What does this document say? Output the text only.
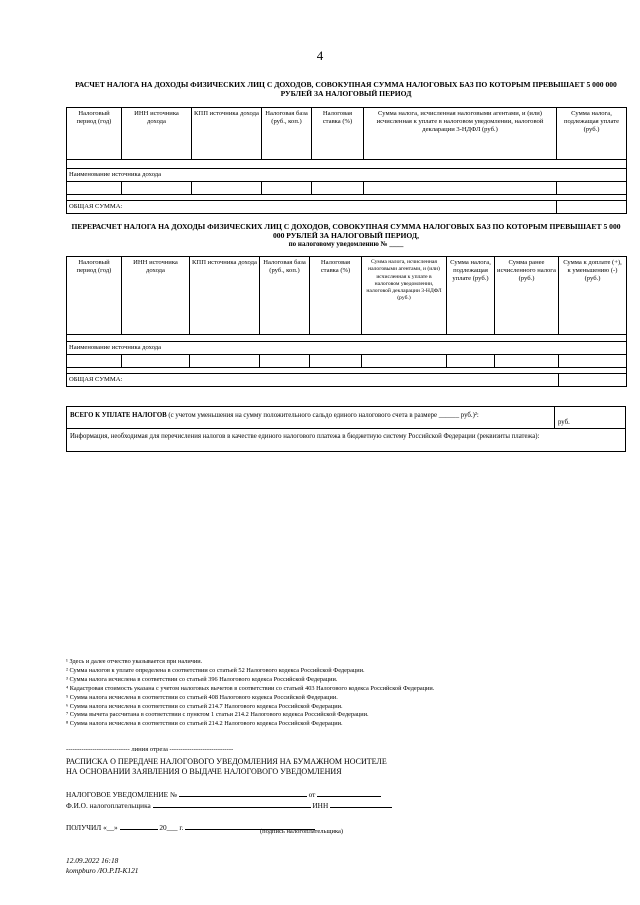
4
РАСЧЕТ НАЛОГА НА ДОХОДЫ ФИЗИЧЕСКИХ ЛИЦ С ДОХОДОВ, СОВОКУПНАЯ СУММА НАЛОГОВЫХ БАЗ ПО КОТОРЫМ ПРЕВЫШАЕТ 5 000 000 РУБЛЕЙ ЗА НАЛОГОВЫЙ ПЕРИОД
Налоговый период (год)	ИНН источника дохода	КПП источника дохода	Налоговая база (руб., коп.)	Налоговая ставка (%)	Сумма налога, исчисленная налоговыми агентами, и (или) исчисленная к уплате в налоговом уведомлении, налоговой декларации 3-НДФЛ (руб.)	Сумма налога, подлежащая уплате (руб.)

Наименование источника дохода						

ОБЩАЯ СУММА:						
ПЕРЕРАСЧЕТ НАЛОГА НА ДОХОДЫ ФИЗИЧЕСКИХ ЛИЦ С ДОХОДОВ, СОВОКУПНАЯ СУММА НАЛОГОВЫХ БАЗ ПО КОТОРЫМ ПРЕВЫШАЕТ 5 000 000 РУБЛЕЙ ЗА НАЛОГОВЫЙ ПЕРИОД,
по налоговому уведомлению № ____
Налоговый период (год)	ИНН источника дохода	КПП источника дохода	Налоговая база (руб., коп.)	Налоговая ставка (%)	Сумма налога, исчисленная налоговыми агентами, и (или) исчисленная к уплате в налоговом уведомлении, налоговой декларации 3-НДФЛ (руб.)	Сумма налога, подлежащая уплате (руб.)	Сумма ранее исчисленного налога (руб.)	Сумма к доплате (+), к уменьшению (-) (руб.)

Наименование источника дохода								

ОБЩАЯ СУММА:								
ВСЕГО К УПЛАТЕ НАЛОГОВ (с учетом уменьшения на сумму положительного сальдо единого налогового счета в размере ______ руб.)²:
руб.
Информация, необходимая для перечисления налогов в качестве единого налогового платежа в бюджетную систему Российской Федерации (реквизиты платежа):
¹ Здесь и далее отчество указывается при наличии.
² Сумма налогов к уплате определена в соответствии со статьей 52 Налогового кодекса Российской Федерации.
³ Сумма налога исчислена в соответствии со статьей 396 Налогового кодекса Российской Федерации.
⁴ Кадастровая стоимость указана с учетом налоговых вычетов в соответствии со статьей 403 Налогового кодекса Российской Федерации.
⁵ Сумма налога исчислена в соответствии со статьей 408 Налогового кодекса Российской Федерации.
⁶ Сумма налога исчислена в соответствии со статьей 214.7 Налогового кодекса Российской Федерации.
⁷ Сумма вычета рассчитана в соответствии с пунктом 1 статьи 214.2 Налогового кодекса Российской Федерации.
⁸ Сумма налога исчислена в соответствии со статьей 214.2 Налогового кодекса Российской Федерации.
----------------------------- линия отреза -----------------------------
РАСПИСКА О ПЕРЕДАЧЕ НАЛОГОВОГО УВЕДОМЛЕНИЯ НА БУМАЖНОМ НОСИТЕЛЕ
НА ОСНОВАНИИ ЗАЯВЛЕНИЯ О ВЫДАЧЕ НАЛОГОВОГО УВЕДОМЛЕНИЯ
НАЛОГОВОЕ УВЕДОМЛЕНИЕ №	от
Ф.И.О. налогоплательщика	ИНН
ПОЛУЧИЛ «__»	20___ г.	(подпись налогоплательщика)
12.09.2022 16:18
kompburo /Ю.Р.П-К121
